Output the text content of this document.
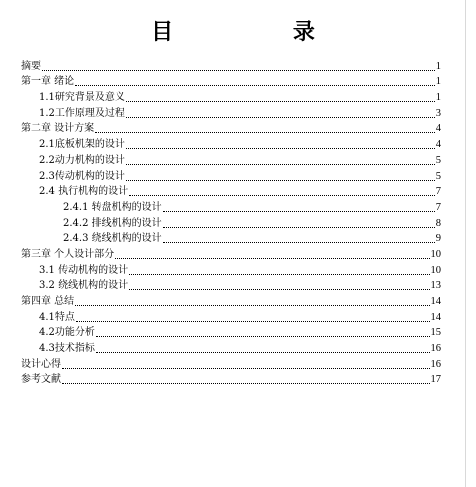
目 录
摘要	1
第一章 绪论	1
1.1研究背景及意义	1
1.2工作原理及过程	3
第二章 设计方案	4
2.1底板机架的设计	4
2.2动力机构的设计	5
2.3传动机构的设计	5
2.4 执行机构的设计	7
2.4.1 转盘机构的设计	7
2.4.2 排线机构的设计	8
2.4.3 绕线机构的设计	9
第三章 个人设计部分	10
3.1 传动机构的设计	10
3.2 绕线机构的设计	13
第四章 总结	14
4.1特点	14
4.2功能分析	15
4.3技术指标	16
设计心得	16
参考文献	17
